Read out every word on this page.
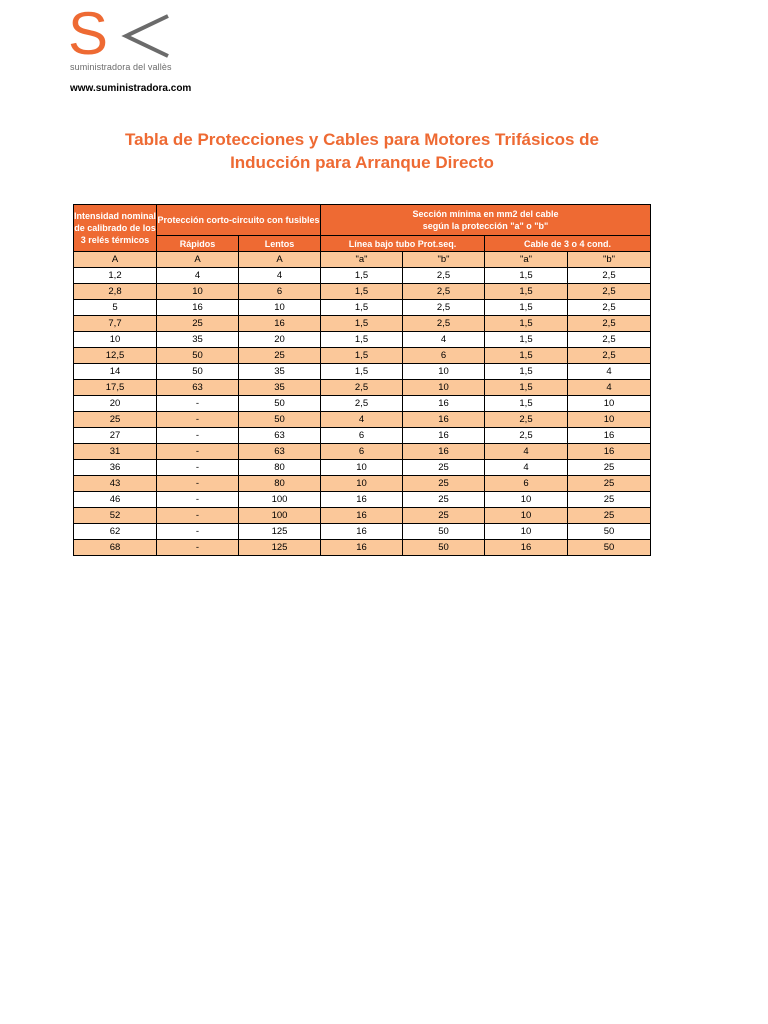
S
suministradora del vallès
www.suministradora.com
Tabla de Protecciones y Cables para Motores Trifásicos de
Inducción para Arranque Directo
Intensidad nominal de calibrado de los 3 relés térmicos	Protección corto-circuito con fusibles		Sección mínima en mm2 del cable
según la protección "a" o "b"			

	Rápidos	Lentos	Línea bajo tubo Prot.seq.		Cable de 3 o 4 cond.	
A	A	A	"a"	"b"	"a"	"b"
1,2	4	4	1,5	2,5	1,5	2,5
2,8	10	6	1,5	2,5	1,5	2,5
5	16	10	1,5	2,5	1,5	2,5
7,7	25	16	1,5	2,5	1,5	2,5
10	35	20	1,5	4	1,5	2,5
12,5	50	25	1,5	6	1,5	2,5
14	50	35	1,5	10	1,5	4
17,5	63	35	2,5	10	1,5	4
20	-	50	2,5	16	1,5	10
25	-	50	4	16	2,5	10
27	-	63	6	16	2,5	16
31	-	63	6	16	4	16
36	-	80	10	25	4	25
43	-	80	10	25	6	25
46	-	100	16	25	10	25
52	-	100	16	25	10	25
62	-	125	16	50	10	50
68	-	125	16	50	16	50
